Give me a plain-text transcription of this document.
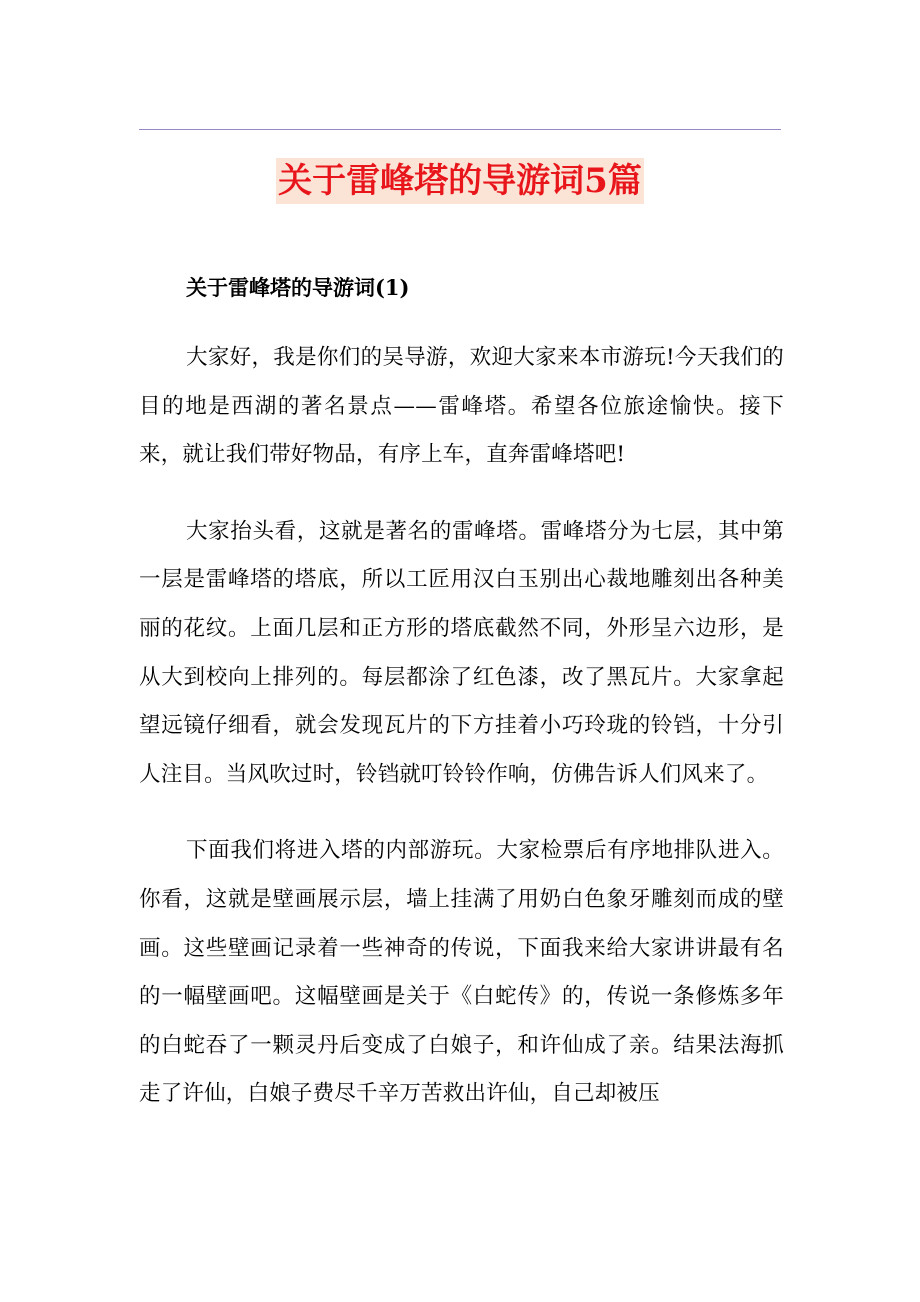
关于雷峰塔的导游词5篇

关于雷峰塔的导游词(1)

大家好，我是你们的吴导游，欢迎大家来本市游玩!今天我们的目的地是西湖的著名景点——雷峰塔。希望各位旅途愉快。接下来，就让我们带好物品，有序上车，直奔雷峰塔吧!

大家抬头看，这就是著名的雷峰塔。雷峰塔分为七层，其中第一层是雷峰塔的塔底，所以工匠用汉白玉别出心裁地雕刻出各种美丽的花纹。上面几层和正方形的塔底截然不同，外形呈六边形，是从大到校向上排列的。每层都涂了红色漆，改了黑瓦片。大家拿起望远镜仔细看，就会发现瓦片的下方挂着小巧玲珑的铃铛，十分引人注目。当风吹过时，铃铛就叮铃铃作响，仿佛告诉人们风来了。

下面我们将进入塔的内部游玩。大家检票后有序地排队进入。你看，这就是壁画展示层，墙上挂满了用奶白色象牙雕刻而成的壁画。这些壁画记录着一些神奇的传说，下面我来给大家讲讲最有名的一幅壁画吧。这幅壁画是关于《白蛇传》的，传说一条修炼多年的白蛇吞了一颗灵丹后变成了白娘子，和许仙成了亲。结果法海抓走了许仙，白娘子费尽千辛万苦救出许仙，自己却被压
